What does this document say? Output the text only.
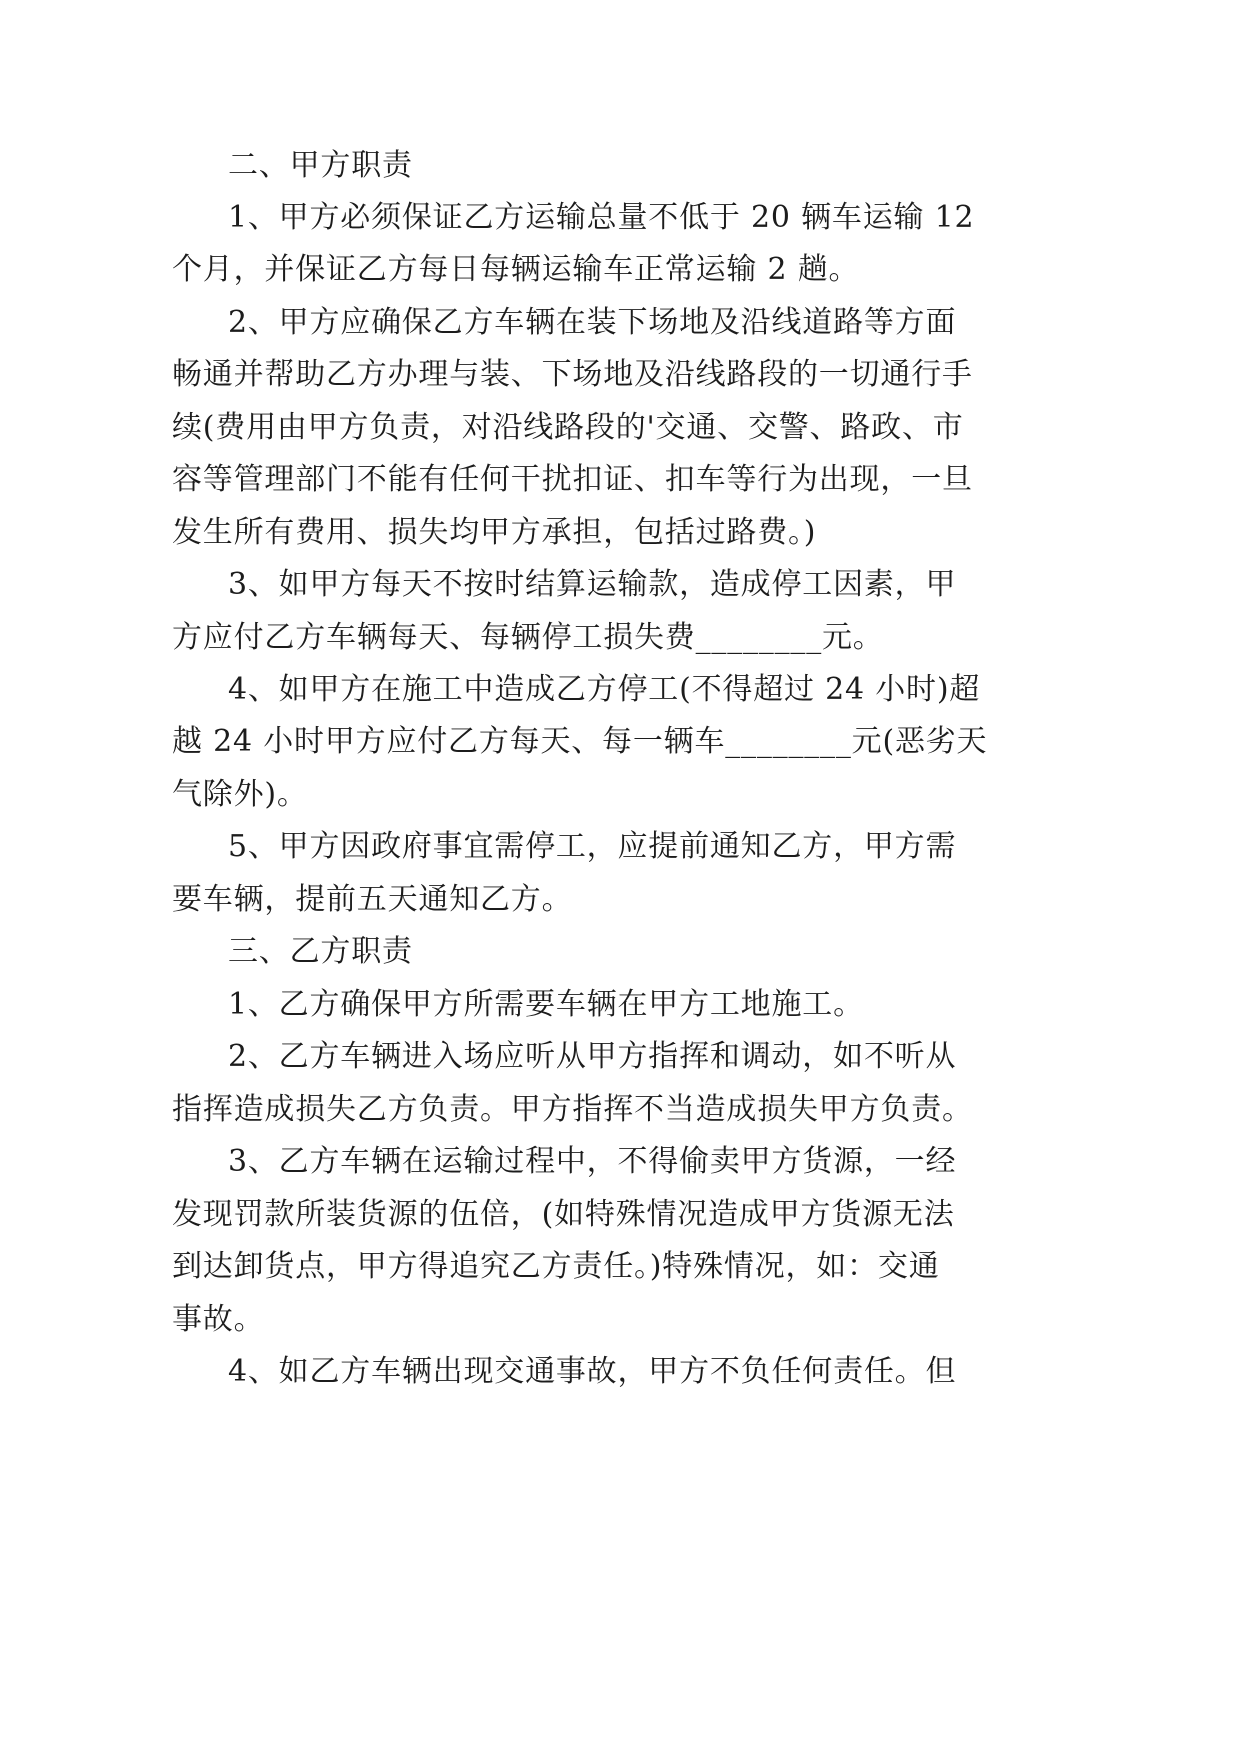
二、甲方职责
1、甲方必须保证乙方运输总量不低于 20 辆车运输 12
个月，并保证乙方每日每辆运输车正常运输 2 趟。
2、甲方应确保乙方车辆在装下场地及沿线道路等方面
畅通并帮助乙方办理与装、下场地及沿线路段的一切通行手
续(费用由甲方负责，对沿线路段的'交通、交警、路政、市
容等管理部门不能有任何干扰扣证、扣车等行为出现，一旦
发生所有费用、损失均甲方承担，包括过路费。)
3、如甲方每天不按时结算运输款，造成停工因素，甲
方应付乙方车辆每天、每辆停工损失费________元。
4、如甲方在施工中造成乙方停工(不得超过 24 小时)超
越 24 小时甲方应付乙方每天、每一辆车________元(恶劣天
气除外)。
5、甲方因政府事宜需停工，应提前通知乙方，甲方需
要车辆，提前五天通知乙方。
三、乙方职责
1、乙方确保甲方所需要车辆在甲方工地施工。
2、乙方车辆进入场应听从甲方指挥和调动，如不听从
指挥造成损失乙方负责。甲方指挥不当造成损失甲方负责。
3、乙方车辆在运输过程中，不得偷卖甲方货源，一经
发现罚款所装货源的伍倍，(如特殊情况造成甲方货源无法
到达卸货点，甲方得追究乙方责任。)特殊情况，如：交通
事故。
4、如乙方车辆出现交通事故，甲方不负任何责任。但
